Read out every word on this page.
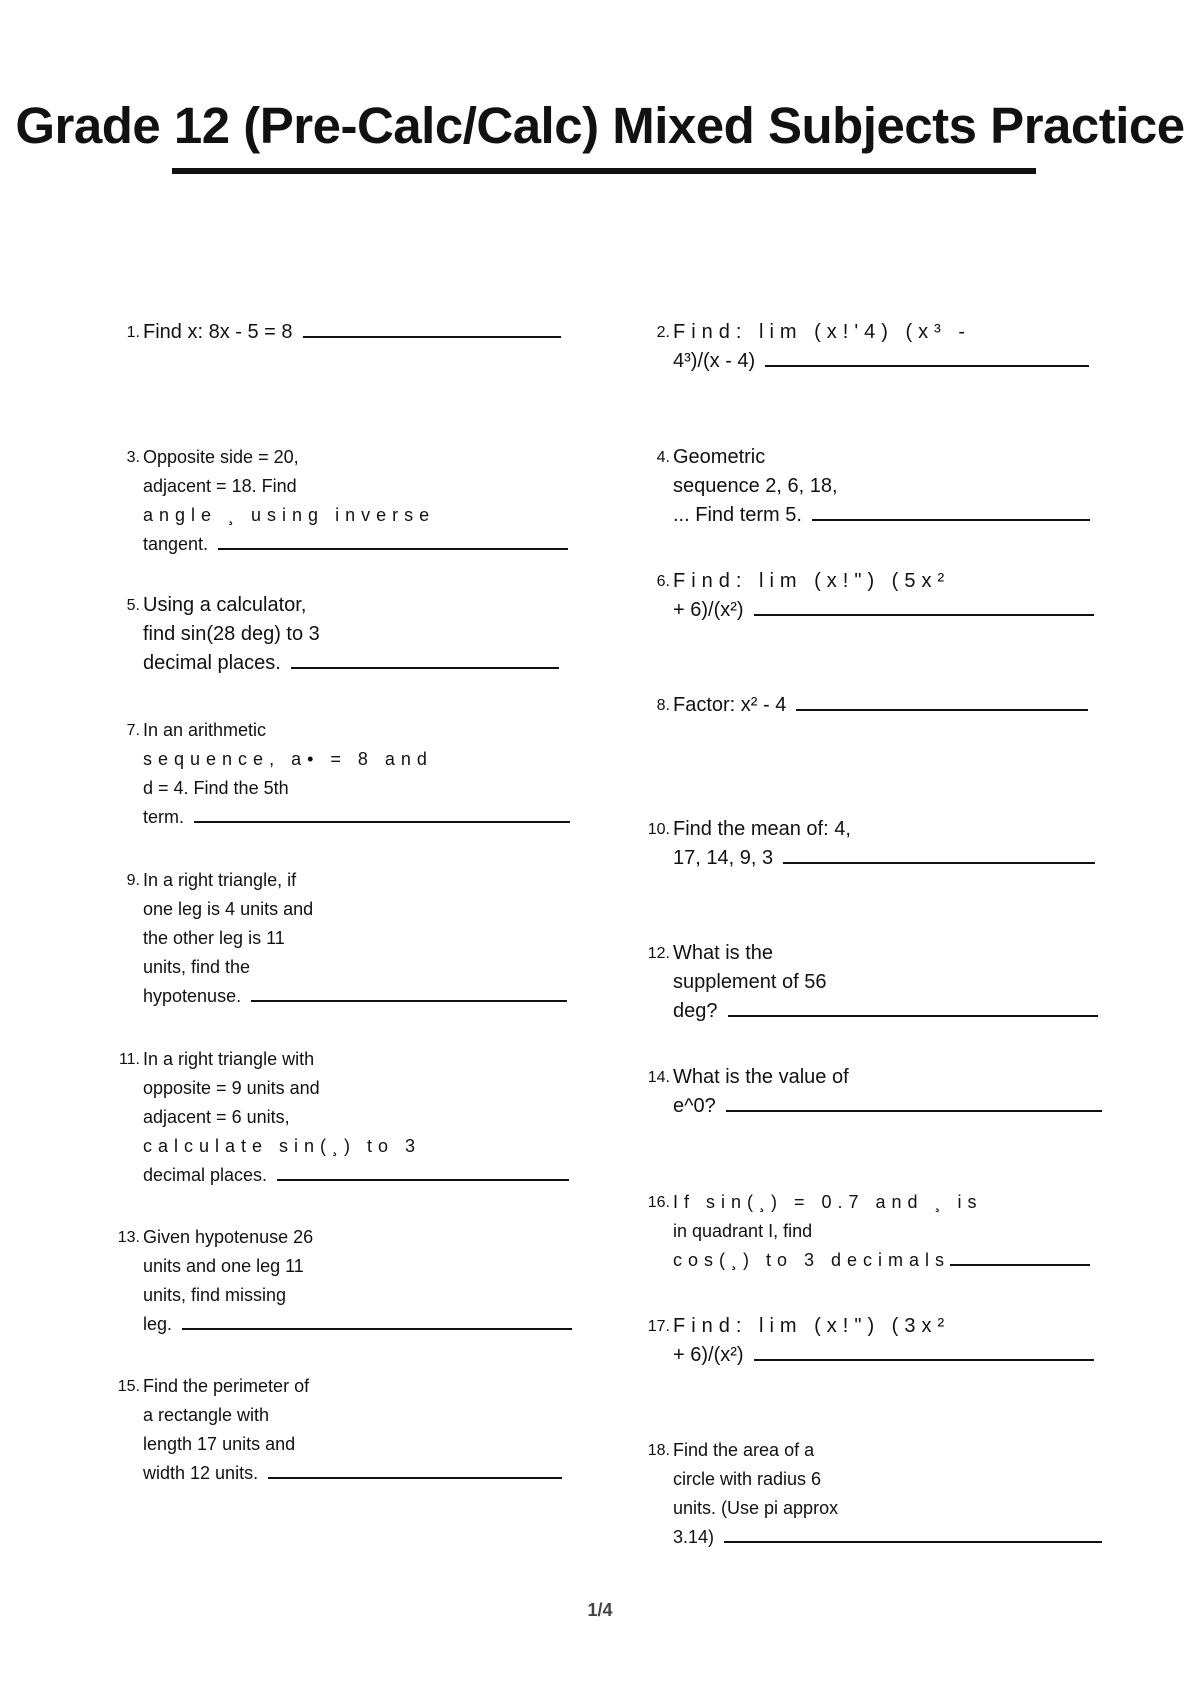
Grade 12 (Pre-Calc/Calc) Mixed Subjects Practice
1. Find x: 8x - 5 = 8
3. Opposite side = 20,
adjacent = 18. Find
angle ¸ using inverse
tangent.
5. Using a calculator,
find sin(28 deg) to 3
decimal places.
7. In an arithmetic
sequence, a• = 8 and
d = 4. Find the 5th
term.
9. In a right triangle, if
one leg is 4 units and
the other leg is 11
units, find the
hypotenuse.
11. In a right triangle with
opposite = 9 units and
adjacent = 6 units,
calculate sin(¸) to 3
decimal places.
13. Given hypotenuse 26
units and one leg 11
units, find missing
leg.
15. Find the perimeter of
a rectangle with
length 17 units and
width 12 units.
2. Find: lim (x!'4) (x³ -
4³)/(x - 4)
4. Geometric
sequence 2, 6, 18,
... Find term 5.
6. Find: lim (x!") (5x²
+ 6)/(x²)
8. Factor: x² - 4
10. Find the mean of: 4,
17, 14, 9, 3
12. What is the
supplement of 56
deg?
14. What is the value of
e^0?
16. If sin(¸) = 0.7 and ¸ is
in quadrant I, find
cos(¸) to 3 decimals
17. Find: lim (x!") (3x²
+ 6)/(x²)
18. Find the area of a
circle with radius 6
units. (Use pi approx
3.14)
1/4
